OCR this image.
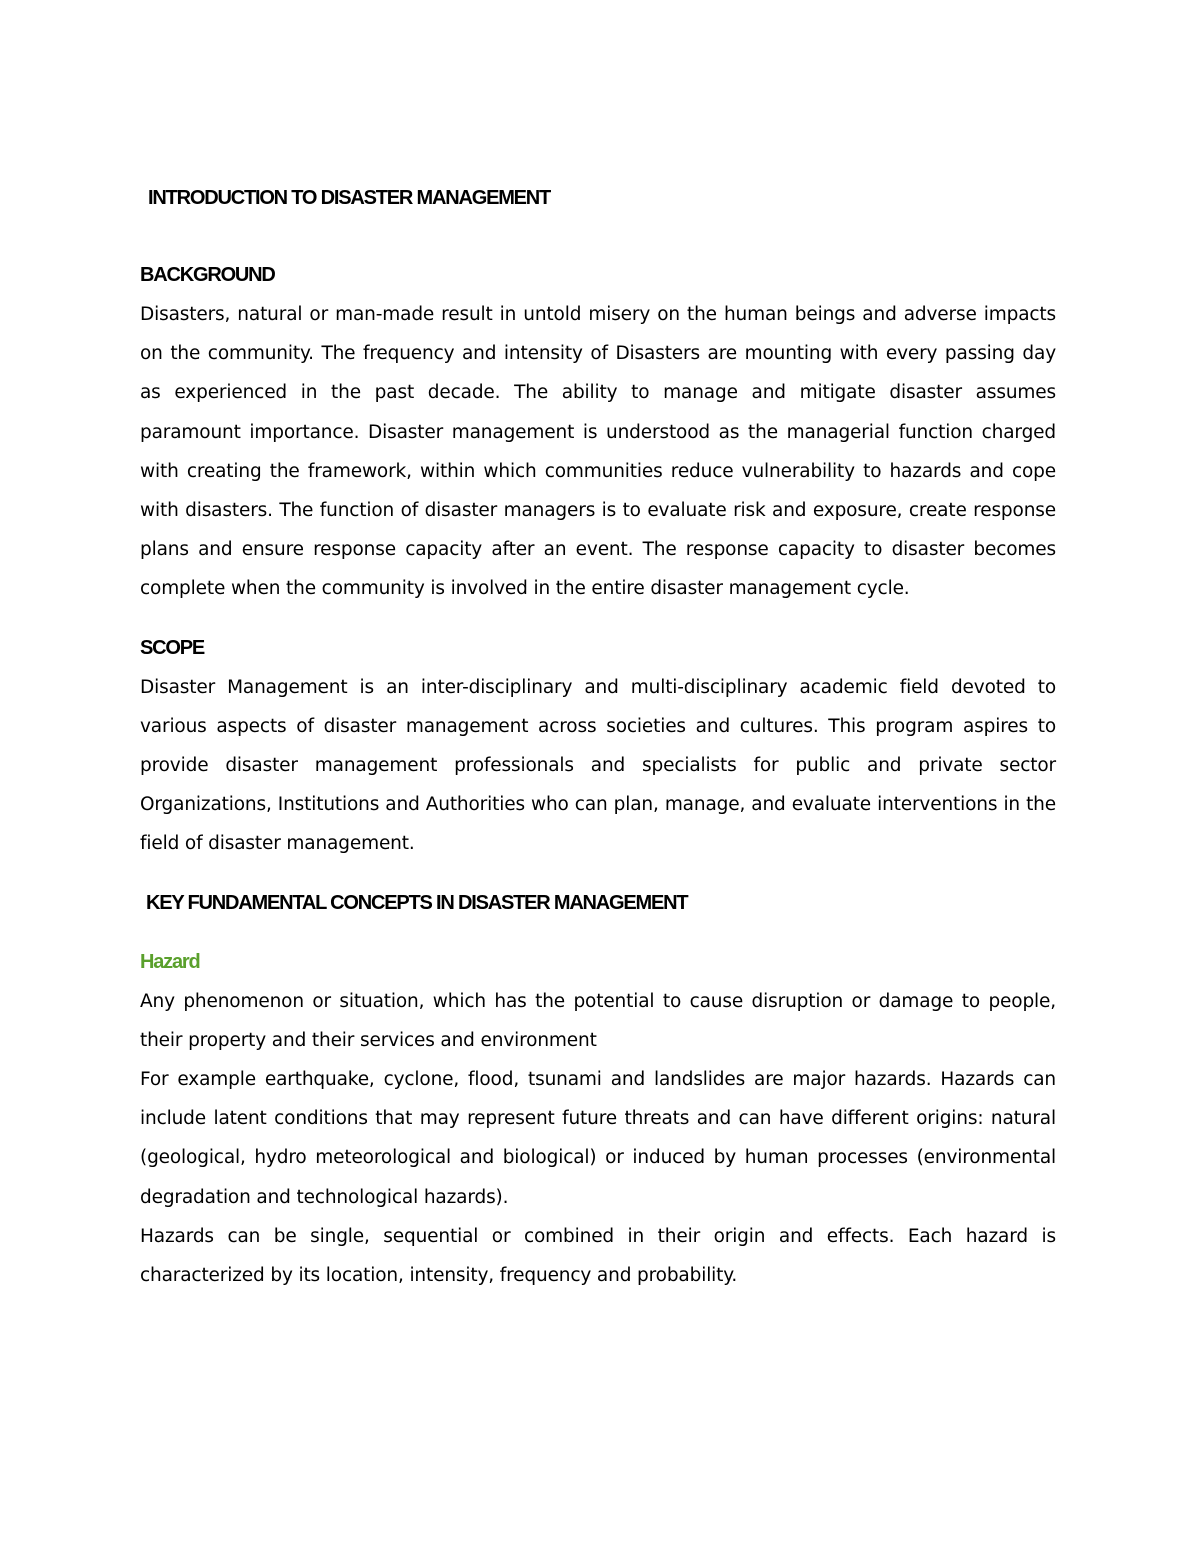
INTRODUCTION TO DISASTER MANAGEMENT
BACKGROUND

Disasters, natural or man-made result in untold misery on the human beings and adverse impacts on the community. The frequency and intensity of Disasters are mounting with every passing day as experienced in the past decade. The ability to manage and mitigate disaster assumes paramount importance. Disaster management is understood as the managerial function charged with creating the framework, within which communities reduce vulnerability to hazards and cope with disasters. The function of disaster managers is to evaluate risk and exposure, create response plans and ensure response capacity after an event. The response capacity to disaster becomes complete when the community is involved in the entire disaster management cycle.

SCOPE

Disaster Management is an inter-disciplinary and multi-disciplinary academic field devoted to various aspects of disaster management across societies and cultures. This program aspires to provide disaster management professionals and specialists for public and private sector Organizations, Institutions and Authorities who can plan, manage, and evaluate interventions in the field of disaster management.

KEY FUNDAMENTAL CONCEPTS IN DISASTER MANAGEMENT
Hazard

Any phenomenon or situation, which has the potential to cause disruption or damage to people, their property and their services and environment

For example earthquake, cyclone, flood, tsunami and landslides are major hazards. Hazards can include latent conditions that may represent future threats and can have different origins: natural (geological, hydro meteorological and biological) or induced by human processes (environmental degradation and technological hazards).

Hazards can be single, sequential or combined in their origin and effects. Each hazard is characterized by its location, intensity, frequency and probability.
